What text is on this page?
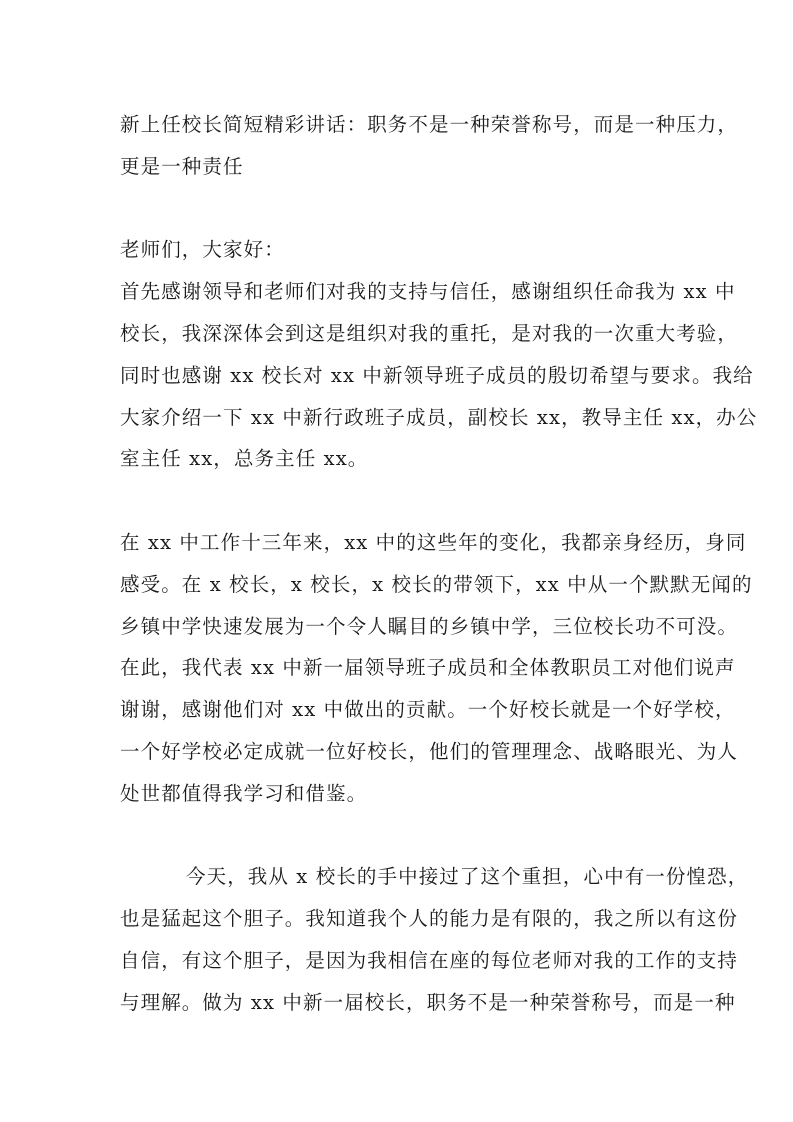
新上任校长简短精彩讲话：职务不是一种荣誉称号，而是一种压力，
更是一种责任
老师们，大家好：
首先感谢领导和老师们对我的支持与信任，感谢组织任命我为 xx 中
校长，我深深体会到这是组织对我的重托，是对我的一次重大考验，
同时也感谢 xx 校长对 xx 中新领导班子成员的殷切希望与要求。我给
大家介绍一下 xx 中新行政班子成员，副校长 xx，教导主任 xx，办公
室主任 xx，总务主任 xx。
在 xx 中工作十三年来，xx 中的这些年的变化，我都亲身经历，身同
感受。在 x 校长，x 校长，x 校长的带领下，xx 中从一个默默无闻的
乡镇中学快速发展为一个令人瞩目的乡镇中学，三位校长功不可没。
在此，我代表 xx 中新一届领导班子成员和全体教职员工对他们说声
谢谢，感谢他们对 xx 中做出的贡献。一个好校长就是一个好学校，
一个好学校必定成就一位好校长，他们的管理理念、战略眼光、为人
处世都值得我学习和借鉴。
今天，我从 x 校长的手中接过了这个重担，心中有一份惶恐，
也是猛起这个胆子。我知道我个人的能力是有限的，我之所以有这份
自信，有这个胆子，是因为我相信在座的每位老师对我的工作的支持
与理解。做为 xx 中新一届校长，职务不是一种荣誉称号，而是一种
